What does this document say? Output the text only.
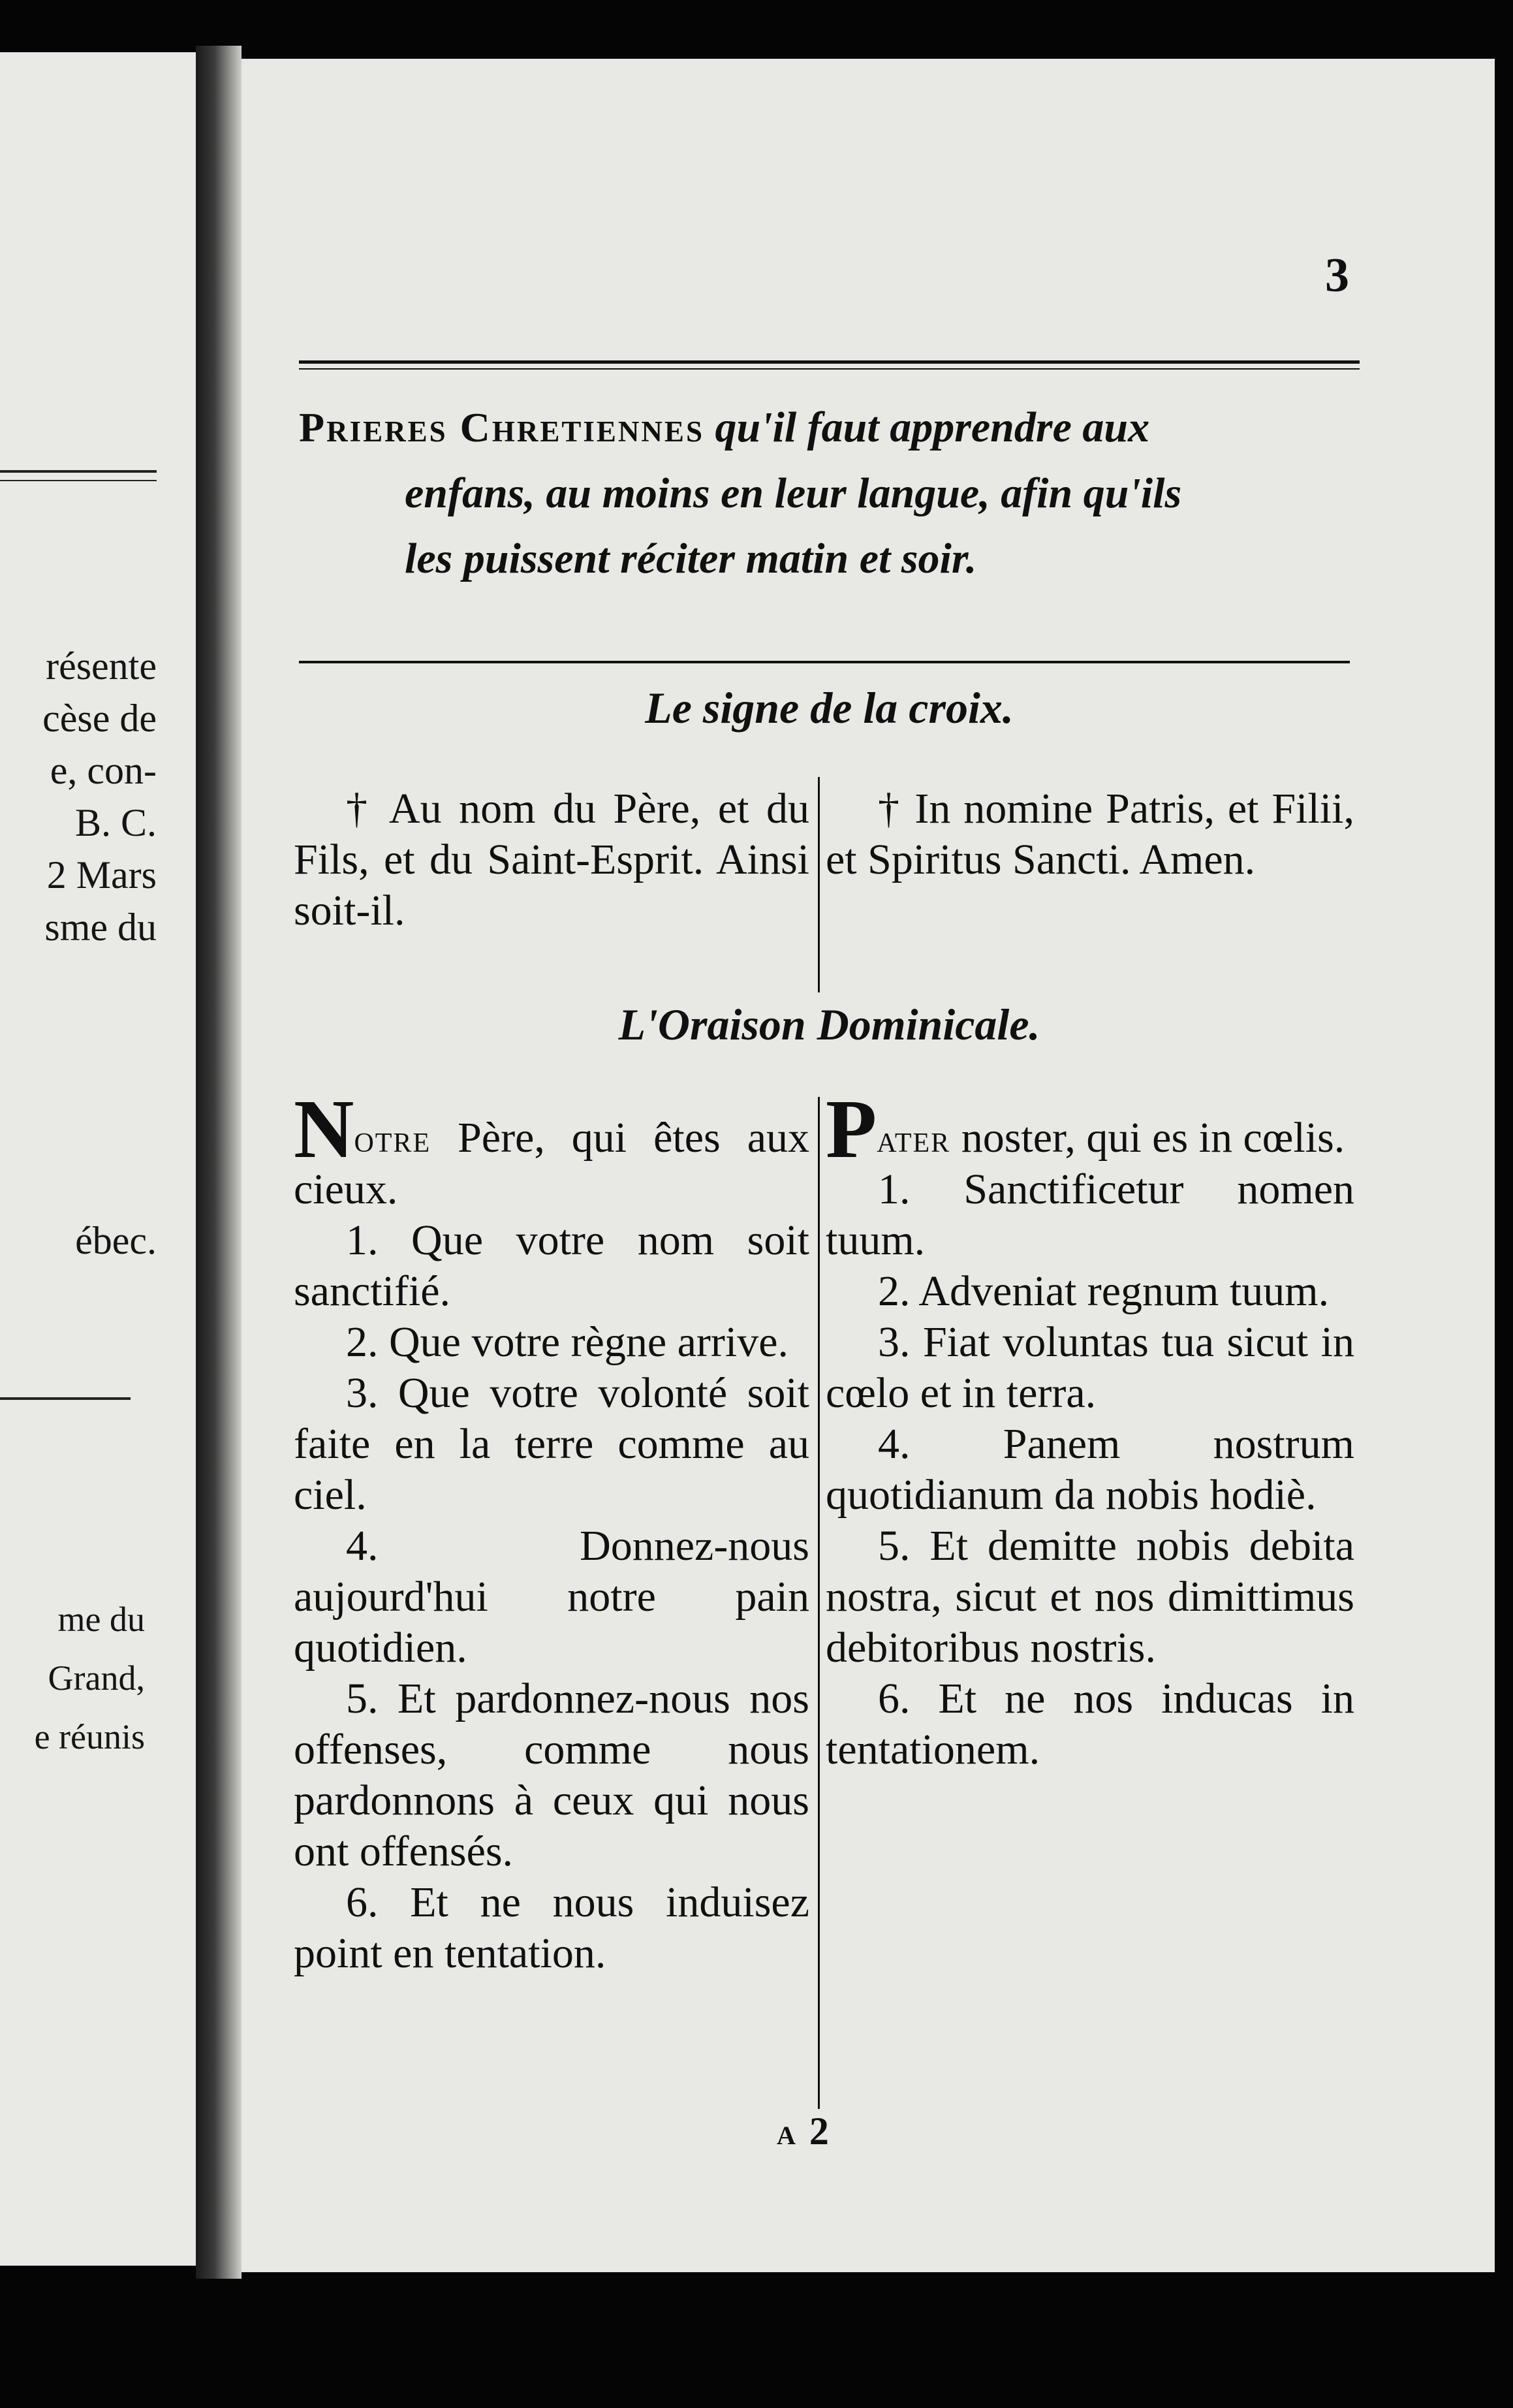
résente
cèse de
e, con-
B. C.
2 Mars
sme du
ébec.
me du
Grand,
e réunis
3
Prieres Chretiennes qu'il faut apprendre aux
enfans, au moins en leur langue, afin qu'ils
les puissent réciter matin et soir.
Le signe de la croix.

† Au nom du Père, et du Fils, et du Saint-Esprit. Ainsi soit-il.

† In nomine Patris, et Filii, et Spiritus Sancti. Amen.

L'Oraison Dominicale.

Notre Père, qui êtes aux cieux.

1. Que votre nom soit sanctifié.

2. Que votre règne arrive.

3. Que votre volonté soit faite en la terre comme au ciel.

4. Donnez-nous aujourd'hui notre pain quotidien.

5. Et pardonnez-nous nos offenses, comme nous pardonnons à ceux qui nous ont offensés.

6. Et ne nous induisez point en tentation.

Pater noster, qui es in cœlis.

1. Sanctificetur nomen tuum.

2. Adveniat regnum tuum.

3. Fiat voluntas tua sicut in cœlo et in terra.

4. Panem nostrum quotidianum da nobis hodiè.

5. Et demitte nobis debita nostra, sicut et nos dimittimus debitoribus nostris.

6. Et ne nos inducas in tentationem.

A 2
